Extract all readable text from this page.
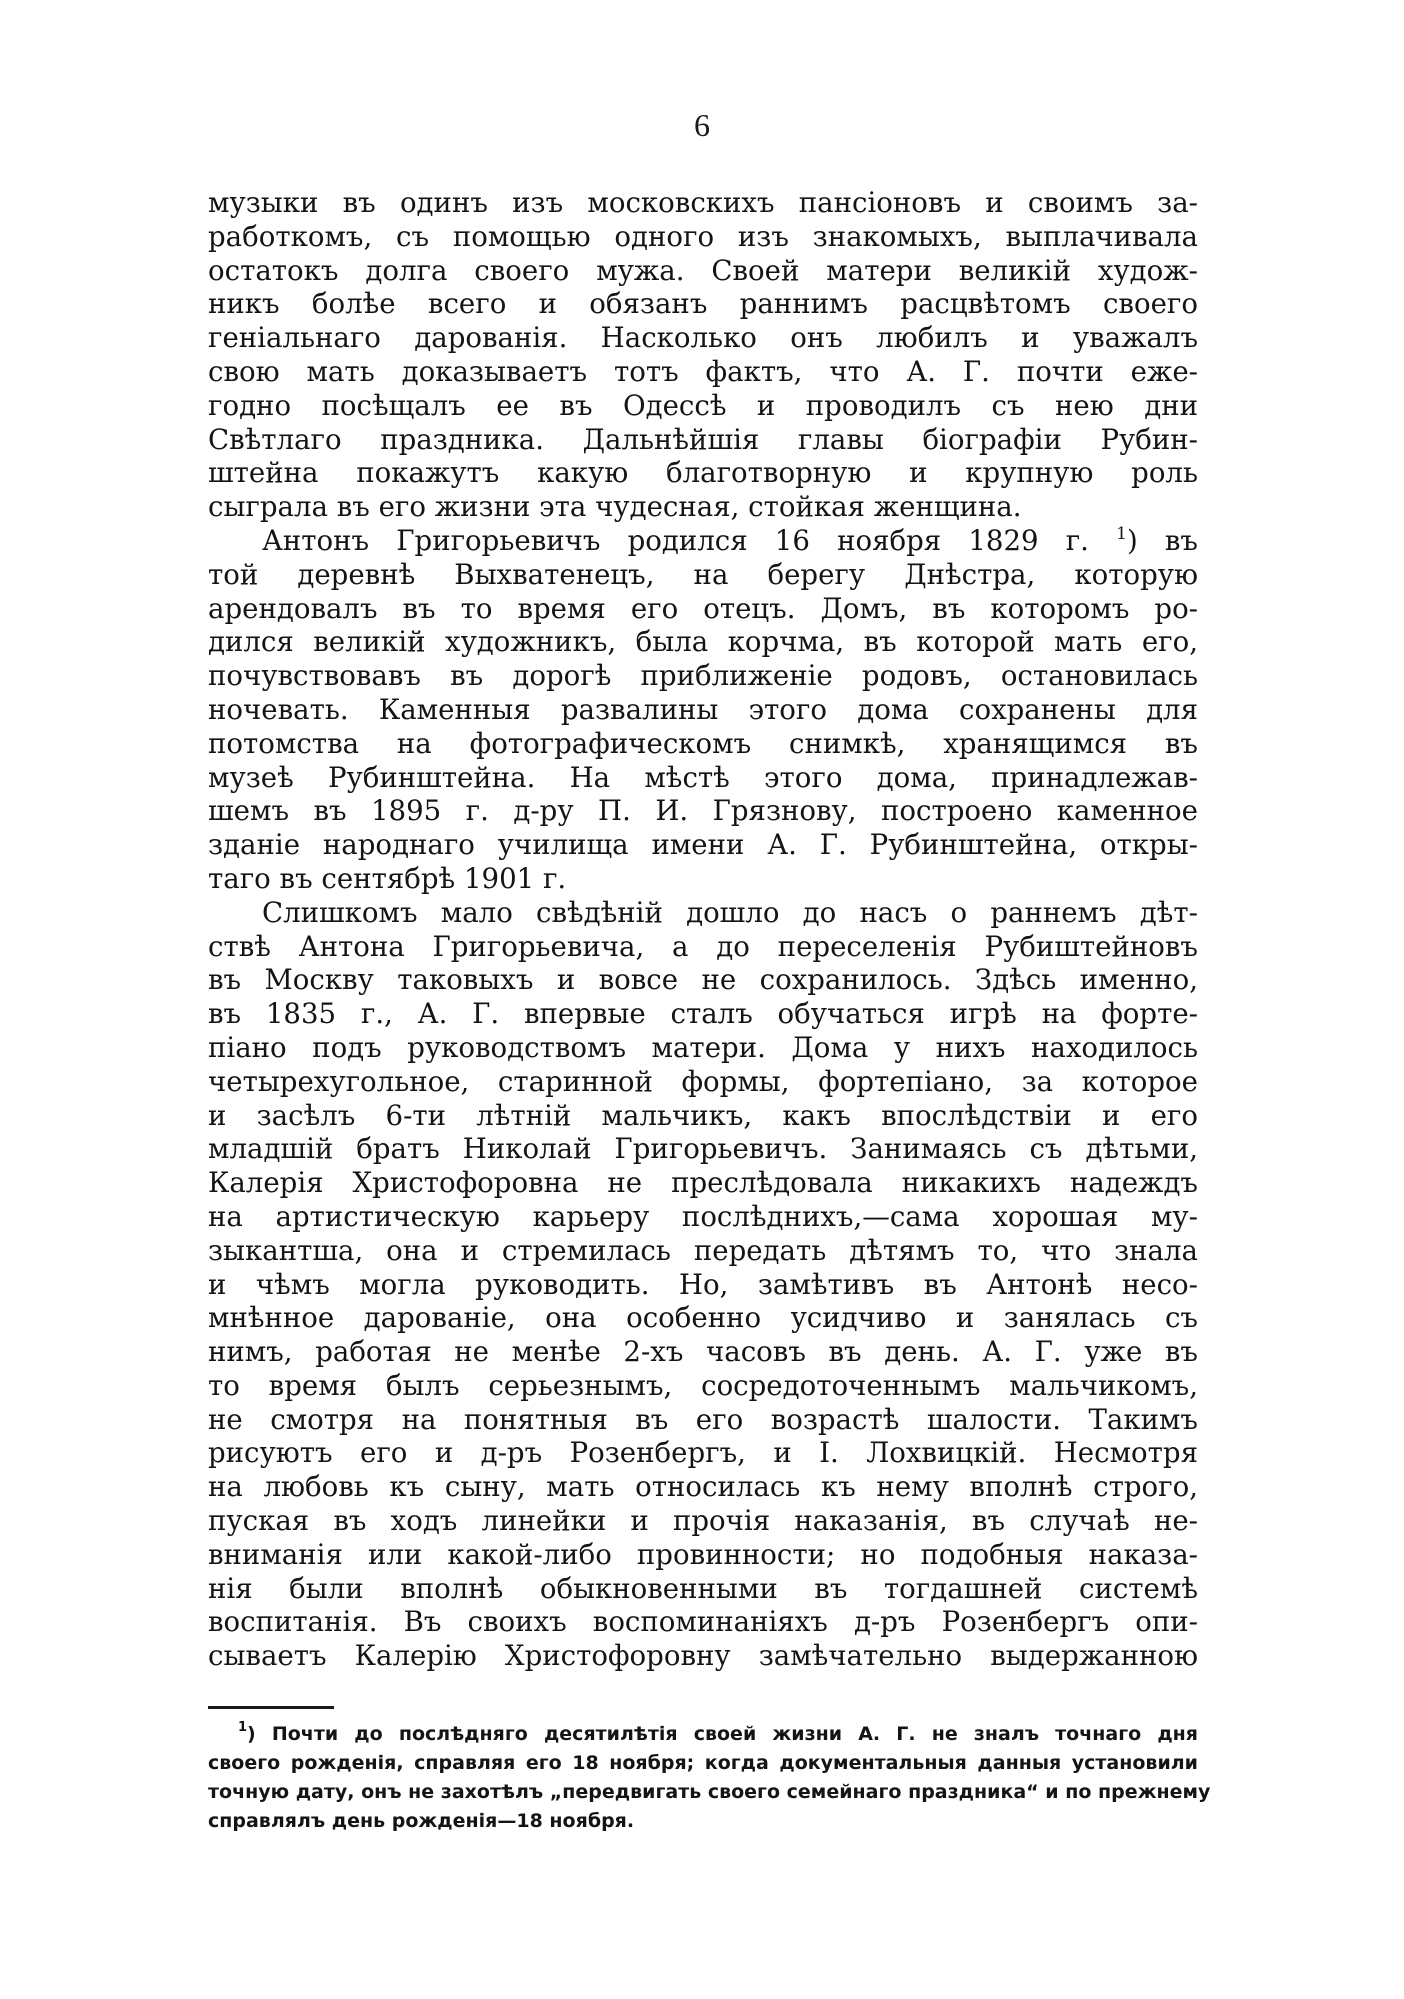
6
музыки въ одинъ изъ московскихъ пансіоновъ и своимъ за-
работкомъ, съ помощью одного изъ знакомыхъ, выплачивала
остатокъ долга своего мужа. Своей матери великій худож-
никъ болѣе всего и обязанъ раннимъ расцвѣтомъ своего
геніальнаго дарованія. Насколько онъ любилъ и уважалъ
свою мать доказываетъ тотъ фактъ, что А. Г. почти еже-
годно посѣщалъ ее въ Одессѣ и проводилъ съ нею дни
Свѣтлаго праздника. Дальнѣйшія главы біографіи Рубин-
штейна покажутъ какую благотворную и крупную роль
сыграла въ его жизни эта чудесная, стойкая женщина.
Антонъ Григорьевичъ родился 16 ноября 1829 г. $^1$) въ
той деревнѣ Выхватенецъ, на берегу Днѣстра, которую
арендовалъ въ то время его отецъ. Домъ, въ которомъ ро-
дился великій художникъ, была корчма, въ которой мать его,
почувствовавъ въ дорогѣ приближеніе родовъ, остановилась
ночевать. Каменныя развалины этого дома сохранены для
потомства на фотографическомъ снимкѣ, хранящимся въ
музеѣ Рубинштейна. На мѣстѣ этого дома, принадлежав-
шемъ въ 1895 г. д-ру П. И. Грязнову, построено каменное
зданіе народнаго училища имени А. Г. Рубинштейна, откры-
таго въ сентябрѣ 1901 г.
Слишкомъ мало свѣдѣній дошло до насъ о раннемъ дѣт-
ствѣ Антона Григорьевича, а до переселенія Рубиштейновъ
въ Москву таковыхъ и вовсе не сохранилось. Здѣсь именно,
въ 1835 г., А. Г. впервые сталъ обучаться игрѣ на форте-
піано подъ руководствомъ матери. Дома у нихъ находилось
четырехугольное, старинной формы, фортепіано, за которое
и засѣлъ 6-ти лѣтній мальчикъ, какъ впослѣдствіи и его
младшій братъ Николай Григорьевичъ. Занимаясь съ дѣтьми,
Калерія Христофоровна не преслѣдовала никакихъ надеждъ
на артистическую карьеру послѣднихъ,—сама хорошая му-
зыкантша, она и стремилась передать дѣтямъ то, что знала
и чѣмъ могла руководить. Но, замѣтивъ въ Антонѣ несо-
мнѣнное дарованіе, она особенно усидчиво и занялась съ
нимъ, работая не менѣе 2-хъ часовъ въ день. А. Г. уже въ
то время былъ серьезнымъ, сосредоточеннымъ мальчикомъ,
не смотря на понятныя въ его возрастѣ шалости. Такимъ
рисуютъ его и д-ръ Розенбергъ, и І. Лохвицкій. Несмотря
на любовь къ сыну, мать относилась къ нему вполнѣ строго,
пуская въ ходъ линейки и прочія наказанія, въ случаѣ не-
вниманія или какой-либо провинности; но подобныя наказа-
нія были вполнѣ обыкновенными въ тогдашней системѣ
воспитанія. Въ своихъ воспоминаніяхъ д-ръ Розенбергъ опи-
сываетъ Калерію Христофоровну замѣчательно выдержанною
$^1$) Почти до послѣдняго десятилѣтія своей жизни А. Г. не зналъ точнаго дня
своего рожденія, справляя его 18 ноября; когда документальныя данныя установили
точную дату, онъ не захотѣлъ „передвигать своего семейнаго праздника“ и по прежнему
справлялъ день рожденія—18 ноября.
